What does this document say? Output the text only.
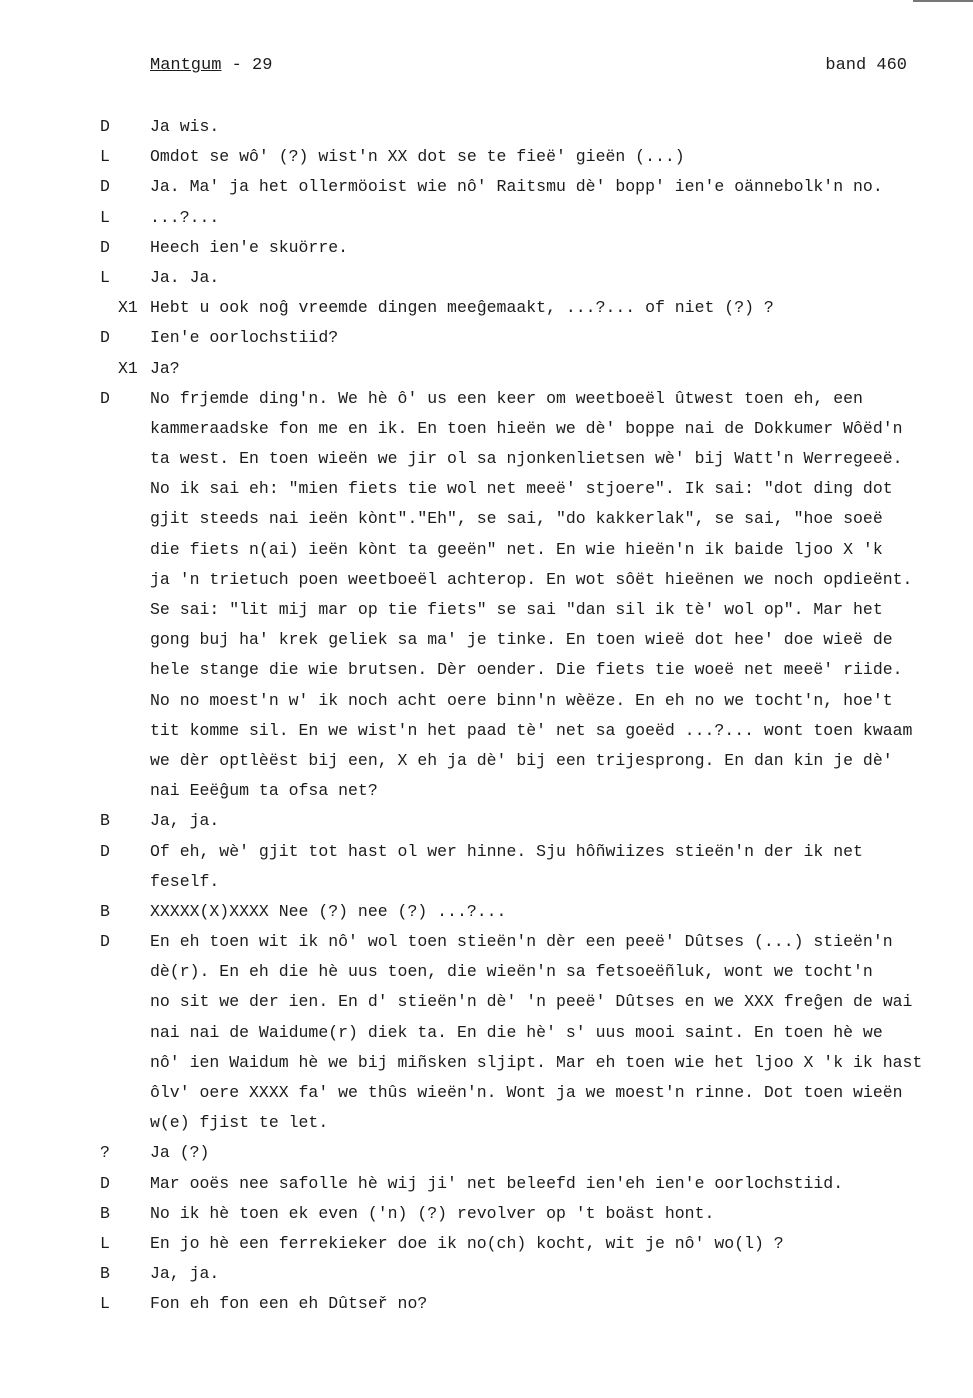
Mantgum - 29	band 460
D	Ja wis.
L	Omdot se wô' (?) wist'n XX dot se te fieë' gieën (...)
D	Ja. Ma' ja het ollermöoist wie nô' Raitsmu dè' bopp' ien'e oännebolk'n no.
L	...?...
D	Heech ien'e skuörre.
L	Ja. Ja.
X1 Hebt u ook noĝ vreemde dingen meeĝemaakt, ...?... of niet (?) ?
D	Ien'e oorlochstiid?
X1 Ja?
D	No frjemde ding'n. We hè ô' us een keer om weetboeël ûtwest toen eh, een
kammeraadske fon me en ik. En toen hieën we dè' boppe nai de Dokkumer Wôëd'n
ta west. En toen wieën we jir ol sa njonkenlietsen wè' bij Watt'n Werregeeë.
No ik sai eh: "mien fiets tie wol net meeë' stjoere". Ik sai: "dot ding dot
gjit steeds nai ieën kònt"."Eh", se sai, "do kakkerlak", se sai, "hoe soeë
die fiets n(ai) ieën kònt ta geeën" net. En wie hieën'n ik baide ljoo X 'k
ja 'n trietuch poen weetboeël achterop. En wot sôët hieënen we noch opdieënt.
Se sai: "lit mij mar op tie fiets" se sai "dan sil ik tè' wol op". Mar het
gong buj ha' krek geliek sa ma' je tinke. En toen wieë dot hee' doe wieë de
hele stange die wie brutsen. Dèr oender. Die fiets tie woeë net meeë' riide.
No no moest'n w' ik noch acht oere binn'n wèëze. En eh no we tocht'n, hoe't
tit komme sil. En we wist'n het paad tè' net sa goeëd ...?... wont toen kwaam
we dèr optlèëst bij een, X eh ja dè' bij een trijesprong. En dan kin je dè'
nai Eeëĝum ta ofsa net?
B	Ja, ja.
D	Of eh, wè' gjit tot hast ol wer hinne. Sju hôñwiizes stieën'n der ik net
feself.
B	XXXXX(X)XXXX Nee (?) nee (?) ...?...
D	En eh toen wit ik nô' wol toen stieën'n dèr een peeë' Dûtses (...) stieën'n
dè(r). En eh die hè uus toen, die wieën'n sa fetsoeëñluk, wont we tocht'n
no sit we der ien. En d' stieën'n dè' 'n peeë' Dûtses en we XXX freĝen de wai
nai nai de Waidume(r) diek ta. En die hè' s' uus mooi saint. En toen hè we
nô' ien Waidum hè we bij miñsken sljipt. Mar eh toen wie het ljoo X 'k ik hast
ôlv' oere XXXX fa' we thûs wieën'n. Wont ja we moest'n rinne. Dot toen wieën
w(e) fjist te let.
?	Ja (?)
D	Mar ooës nee safolle hè wij ji' net beleefd ien'eh ien'e oorlochstiid.
B	No ik hè toen ek even ('n) (?) revolver op 't boäst hont.
L	En jo hè een ferrekieker doe ik no(ch) kocht, wit je nô' wo(l) ?
B	Ja, ja.
L	Fon eh fon een eh Dûtseř no?
